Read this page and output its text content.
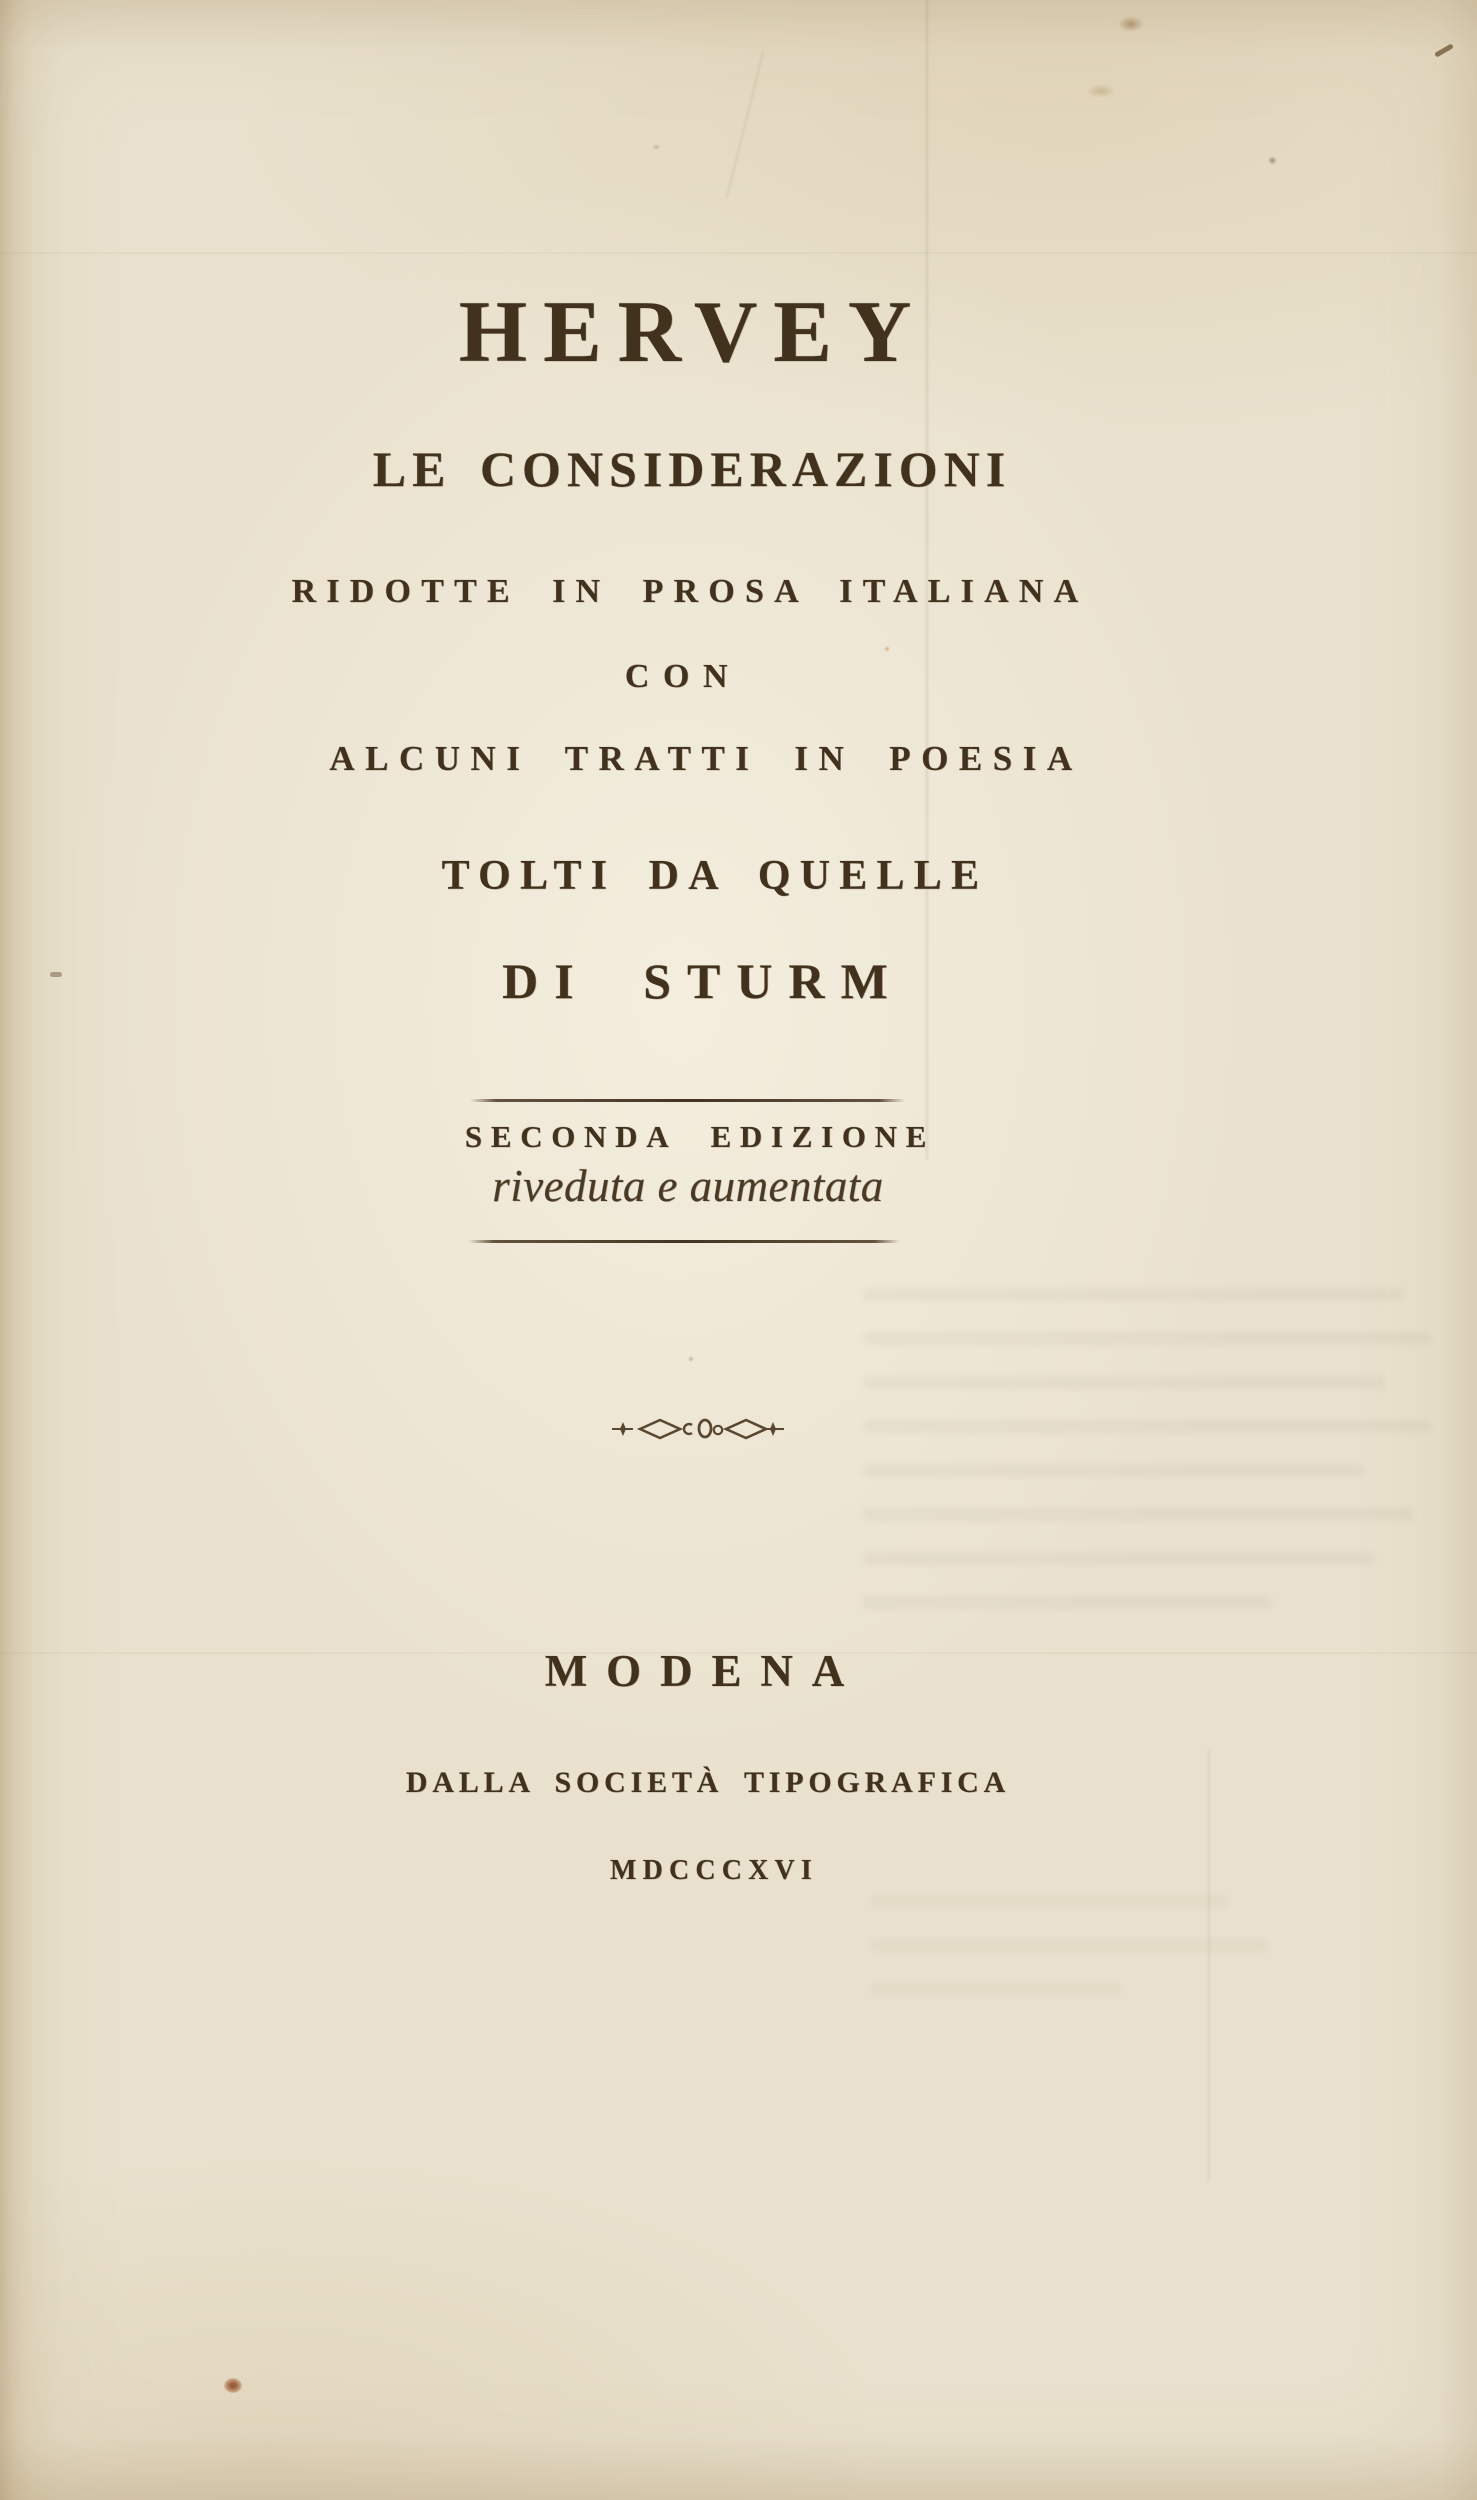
HERVEY
LE CONSIDERAZIONI
RIDOTTE IN PROSA ITALIANA
CON
ALCUNI TRATTI IN POESIA
TOLTI DA QUELLE
DI STURM
SECONDA EDIZIONE
riveduta e aumentata
MODENA
DALLA SOCIETÀ TIPOGRAFICA
MDCCCXVI
